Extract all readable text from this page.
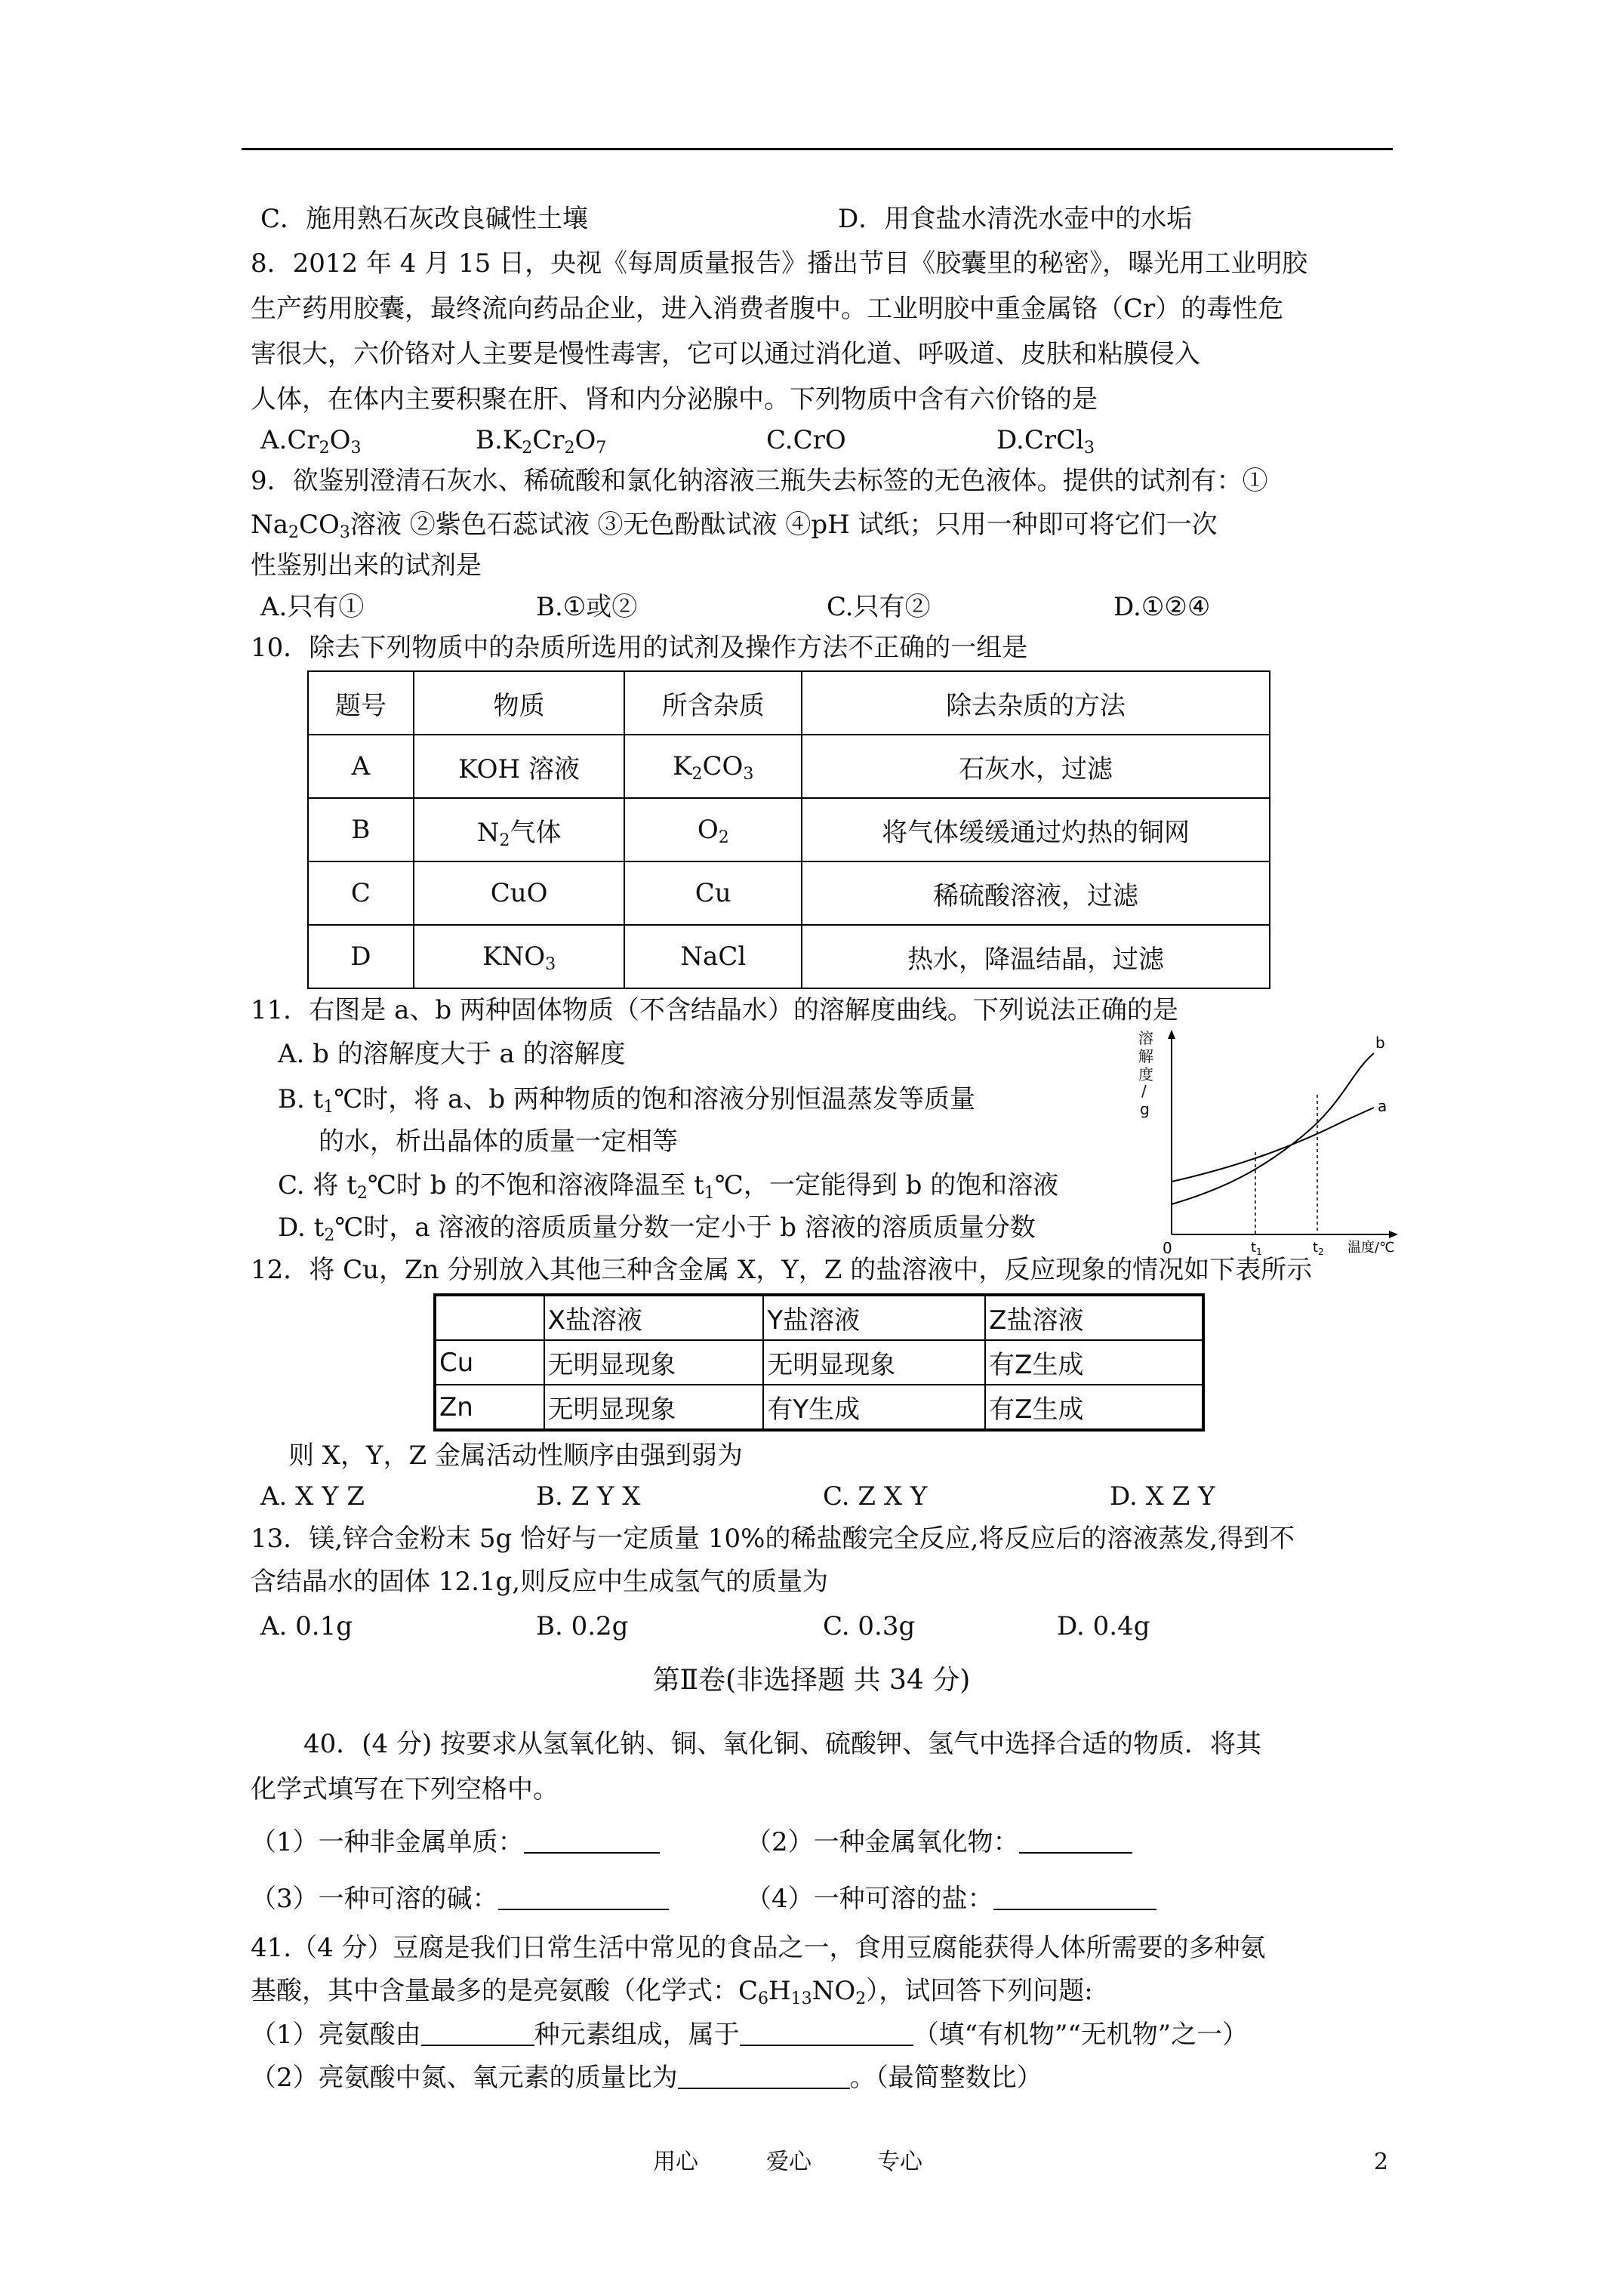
C．施用熟石灰改良碱性土壤	D．用食盐水清洗水壶中的水垢
8．2012 年 4 月 15 日，央视《每周质量报告》播出节目《胶囊里的秘密》，曝光用工业明胶
生产药用胶囊，最终流向药品企业，进入消费者腹中。工业明胶中重金属铬（Cr）的毒性危
害很大，六价铬对人主要是慢性毒害，它可以通过消化道、呼吸道、皮肤和粘膜侵入
人体，在体内主要积聚在肝、肾和内分泌腺中。下列物质中含有六价铬的是
$A.Cr_2O_3$	$B.K_2Cr_2O_7$	C.CrO	D.CrCl$_3$
9．欲鉴别澄清石灰水、稀硫酸和氯化钠溶液三瓶失去标签的无色液体。提供的试剂有：①
$Na_2CO_3$溶液 ②紫色石蕊试液 ③无色酚酞试液 ④pH 试纸；只用一种即可将它们一次
性鉴别出来的试剂是
A.只有①	B.①或②	C.只有②	D.①②④
10．除去下列物质中的杂质所选用的试剂及操作方法不正确的一组是
题号	物质	所含杂质	除去杂质的方法
A	KOH 溶液	$K_2CO_3$	石灰水，过滤
B	$N_2$气体	$O_2$	将气体缓缓通过灼热的铜网
C	CuO	Cu	稀硫酸溶液，过滤
D	$KNO_3$	NaCl	热水，降温结晶，过滤
11．右图是 a、b 两种固体物质（不含结晶水）的溶解度曲线。下列说法正确的是
A. b 的溶解度大于 a 的溶解度
B. $t_1℃$时，将 a、b 两种物质的饱和溶液分别恒温蒸发等质量
的水，析出晶体的质量一定相等
C. 将 $t_2℃$时 b 的不饱和溶液降温至 $t_1℃$，一定能得到 b 的饱和溶液
D. $t_2℃$时，a 溶液的溶质质量分数一定小于 b 溶液的溶质质量分数
溶
解
度
/
g
b
a
0	$t_1$	$t_2$ 温度/℃
12．将 Cu，Zn 分别放入其他三种含金属 X，Y，Z 的盐溶液中，反应现象的情况如下表所示
	X盐溶液	Y盐溶液	Z盐溶液
Cu	无明显现象	无明显现象	有Z生成
Zn	无明显现象	有Y生成	有Z生成
则 X，Y，Z 金属活动性顺序由强到弱为
A. X Y Z	B. Z Y X	C. Z X Y	D. X Z Y
13．镁,锌合金粉末 5g 恰好与一定质量 10%的稀盐酸完全反应,将反应后的溶液蒸发,得到不
含结晶水的固体 12.1g,则反应中生成氢气的质量为
A. 0.1g	B. 0.2g	C. 0.3g	D. 0.4g
第Ⅱ卷(非选择题 共 34 分)
40．(4 分) 按要求从氢氧化钠、铜、氧化铜、硫酸钾、氢气中选择合适的物质．将其
化学式填写在下列空格中。
（1）一种非金属单质：	（2）一种金属氧化物：
（3）一种可溶的碱：	（4）一种可溶的盐：
41.（4 分）豆腐是我们日常生活中常见的食品之一，食用豆腐能获得人体所需要的多种氨
基酸，其中含量最多的是亮氨酸（化学式：$C_6H_{13}NO_2$），试回答下列问题:
（1）亮氨酸由	种元素组成，属于	（填“有机物”“无机物”之一）
（2）亮氨酸中氮、氧元素的质量比为	。（最简整数比）
用心	爱心	专心	2
